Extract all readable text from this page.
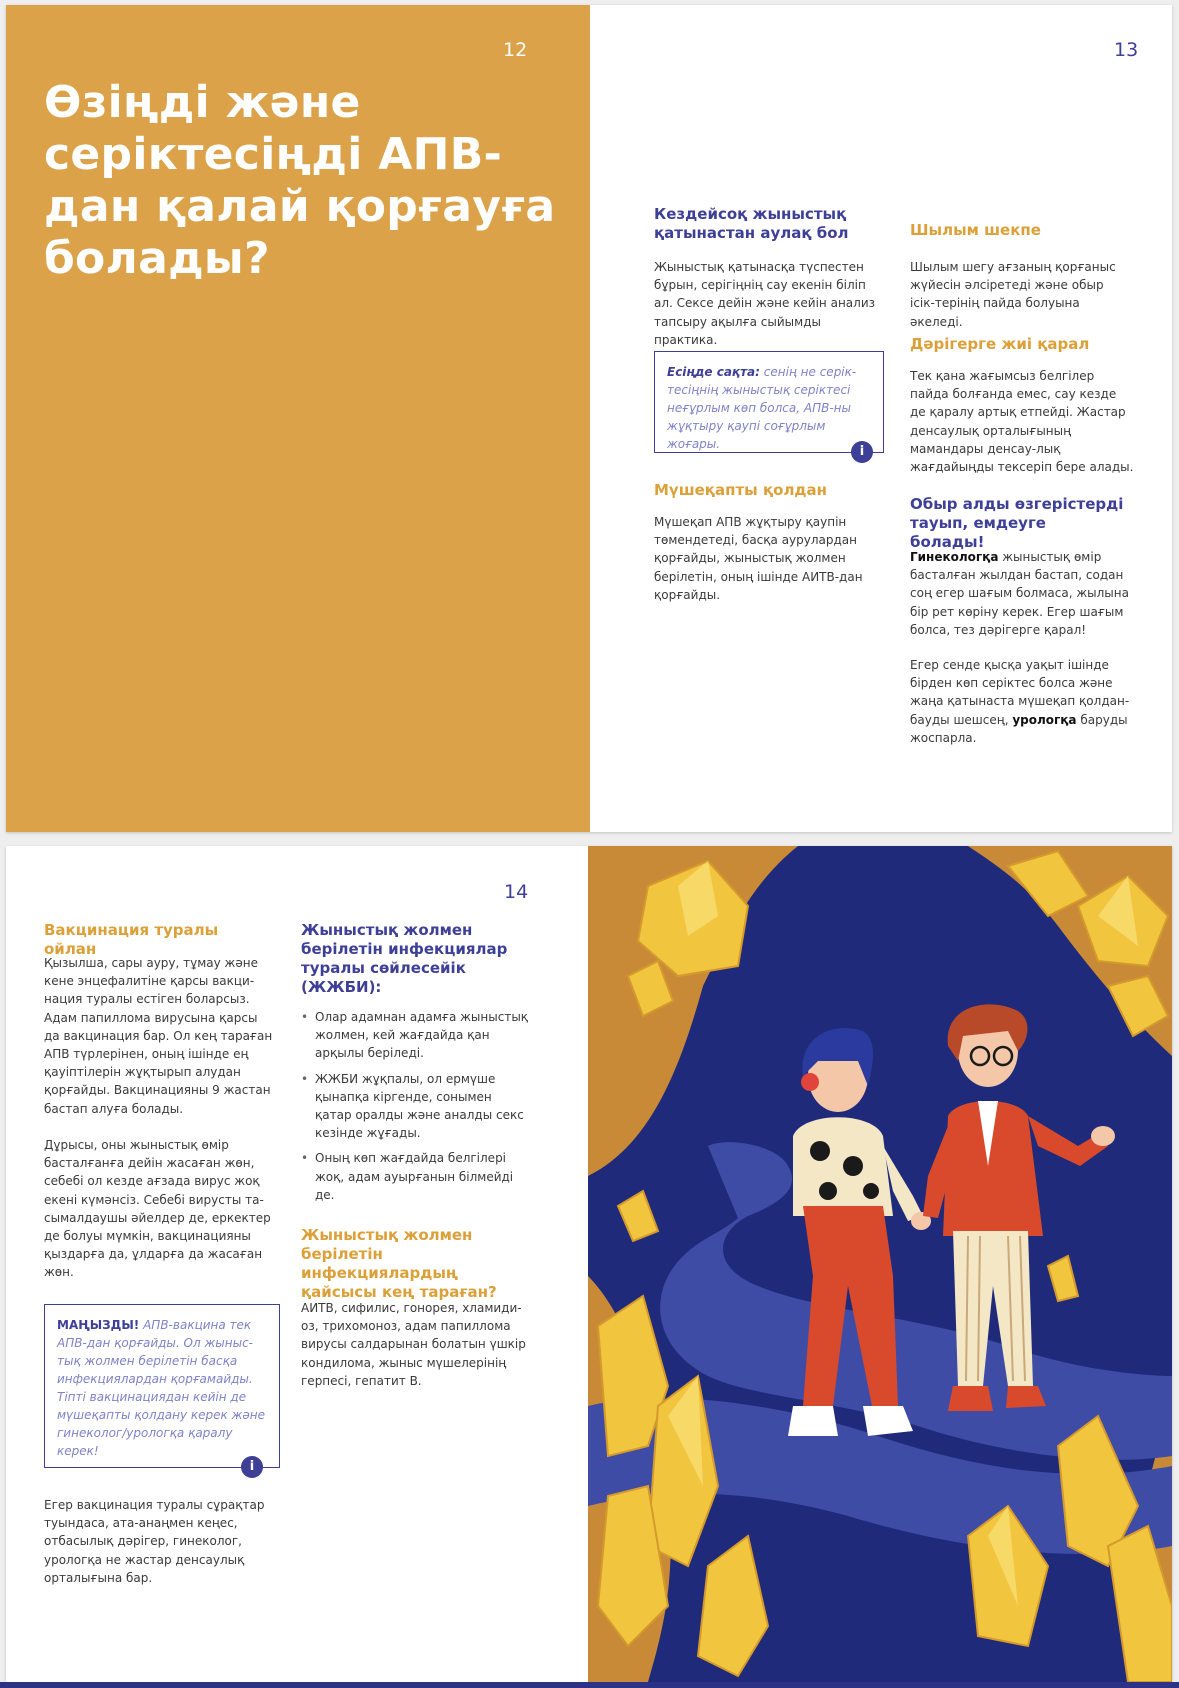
12
Өзіңді және серіктесіңді АПВ-дан қалай қорғауға болады?
13
Кездейсоқ жыныстық қатынастан аулақ бол
Жыныстық қатынасқа түспестен бұрын, серігіңнің сау екенін біліп ал. Сексе дейін және кейін анализ тапсыру ақылға сыйымды практика.
Есіңде сақта: сенің не серік-тесіңнің жыныстық серіктесі неғұрлым көп болса, АПВ-ны жұқтыру қаупі соғұрлым жоғары.	i
Мүшеқапты қолдан
Мүшеқап АПВ жұқтыру қаупін төмендетеді, басқа аурулардан қорғайды, жыныстық жолмен берілетін, оның ішінде АИТВ-дан қорғайды.
Шылым шекпе
Шылым шегу ағзаның қорғаныс жүйесін әлсіретеді және обыр ісік-терінің пайда болуына әкеледі.
Дәрігерге жиі қарал
Тек қана жағымсыз белгілер пайда болғанда емес, сау кезде де қаралу артық етпейді. Жастар денсаулық орталығының мамандары денсау-лық жағдайыңды тексеріп бере алады.
Обыр алды өзгерістерді тауып, емдеуге болады!
Гинекологқа жыныстық өмір басталған жылдан бастап, содан соң егер шағым болмаса, жылына бір рет көріну керек. Егер шағым болса, тез дәрігерге қарал!
Егер сенде қысқа уақыт ішінде бірден көп серіктес болса және жаңа қатынаста мүшеқап қолдан-бауды шешсең, урологқа баруды жоспарла.
14
Вакцинация туралы ойлан
Қызылша, сары ауру, тұмау және кене энцефалитіне қарсы вакци-нация туралы естіген боларсыз. Адам папиллома вирусына қарсы да вакцинация бар. Ол кең тараған АПВ түрлерінен, оның ішінде ең қауіптілерін жұқтырып алудан қорғайды. Вакцинацияны 9 жастан бастап алуға болады.
Дұрысы, оны жыныстық өмір басталғанға дейін жасаған жөн, себебі ол кезде ағзада вирус жоқ екені күмәнсіз. Себебі вирусты та-сымалдаушы әйелдер де, еркектер де болуы мүмкін, вакцинацияны қыздарға да, ұлдарға да жасаған жөн.
МАҢЫЗДЫ! АПВ-вакцина тек АПВ-дан қорғайды. Ол жыныс-тық жолмен берілетін басқа инфекциялардан қорғамайды. Тіпті вакцинациядан кейін де мүшеқапты қолдану керек және гинеколог/урологқа қаралу керек!
i
Егер вакцинация туралы сұрақтар туындаса, ата-анаңмен кеңес, отбасылық дәрігер, гинеколог, урологқа не жастар денсаулық орталығына бар.
Жыныстық жолмен берілетін инфекциялар туралы сөйлесейік (ЖЖБИ):
• Олар адамнан адамға жыныстық жолмен, кей жағдайда қан арқылы беріледі.
• ЖЖБИ жұқпалы, ол ермүше қынапқа кіргенде, сонымен қатар оралды және аналды секс кезінде жұғады.
• Оның көп жағдайда белгілері жоқ, адам ауырғанын білмейді де.
Жыныстық жолмен берілетін инфекциялардың қайсысы кең тараған?
АИТВ, сифилис, гонорея, хламиди-оз, трихомоноз, адам папиллома вирусы салдарынан болатын үшкір кондилома, жыныс мүшелерінің герпесі, гепатит В.
